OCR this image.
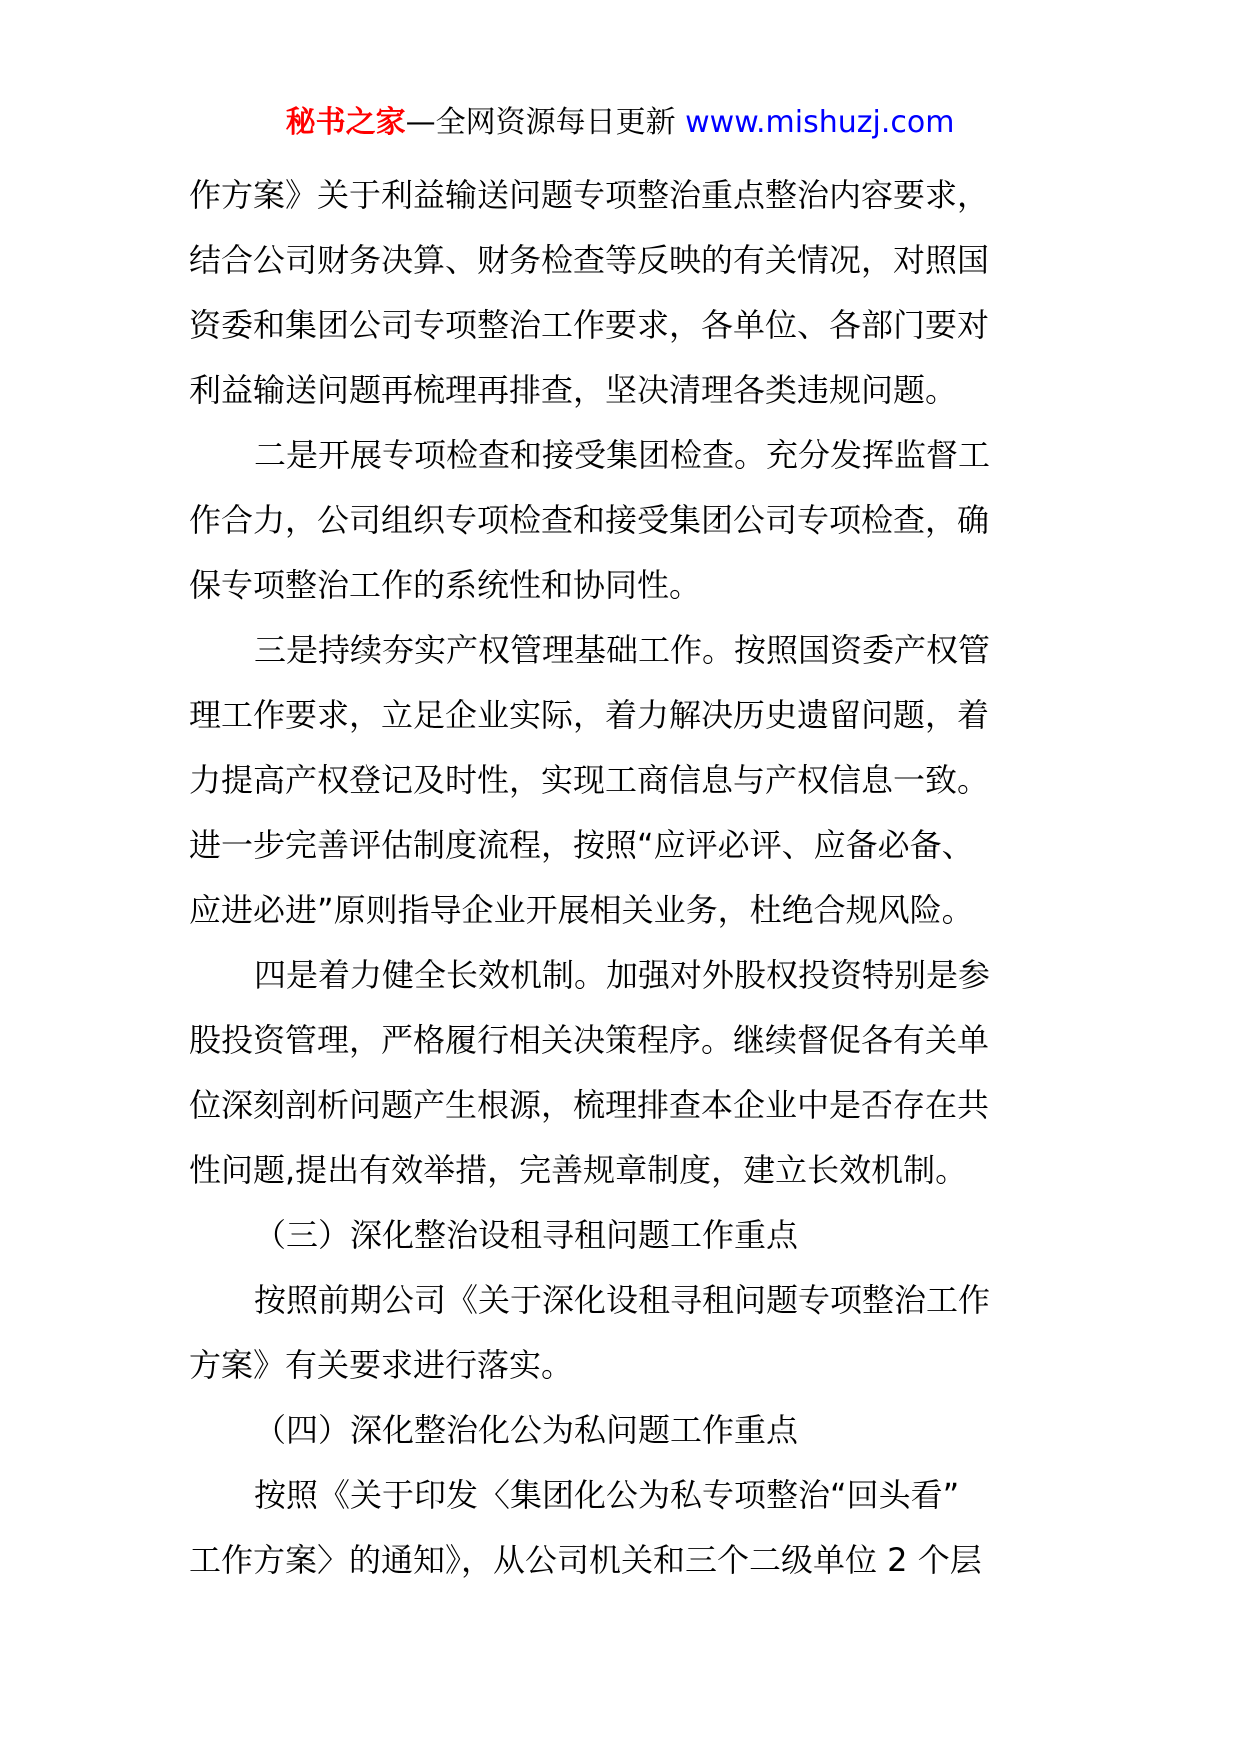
秘书之家—全网资源每日更新 www.mishuzj.com
作方案》关于利益输送问题专项整治重点整治内容要求，
结合公司财务决算、财务检查等反映的有关情况，对照国
资委和集团公司专项整治工作要求，各单位、各部门要对
利益输送问题再梳理再排查，坚决清理各类违规问题。
二是开展专项检查和接受集团检查。充分发挥监督工
作合力，公司组织专项检查和接受集团公司专项检查，确
保专项整治工作的系统性和协同性。
三是持续夯实产权管理基础工作。按照国资委产权管
理工作要求，立足企业实际，着力解决历史遗留问题，着
力提高产权登记及时性，实现工商信息与产权信息一致。
进一步完善评估制度流程，按照“应评必评、应备必备、
应进必进”原则指导企业开展相关业务，杜绝合规风险。
四是着力健全长效机制。加强对外股权投资特别是参
股投资管理，严格履行相关决策程序。继续督促各有关单
位深刻剖析问题产生根源，梳理排查本企业中是否存在共
性问题,提出有效举措，完善规章制度，建立长效机制。
（三）深化整治设租寻租问题工作重点
按照前期公司《关于深化设租寻租问题专项整治工作
方案》有关要求进行落实。
（四）深化整治化公为私问题工作重点
按照《关于印发〈集团化公为私专项整治“回头看”
工作方案〉的通知》，从公司机关和三个二级单位 2 个层
